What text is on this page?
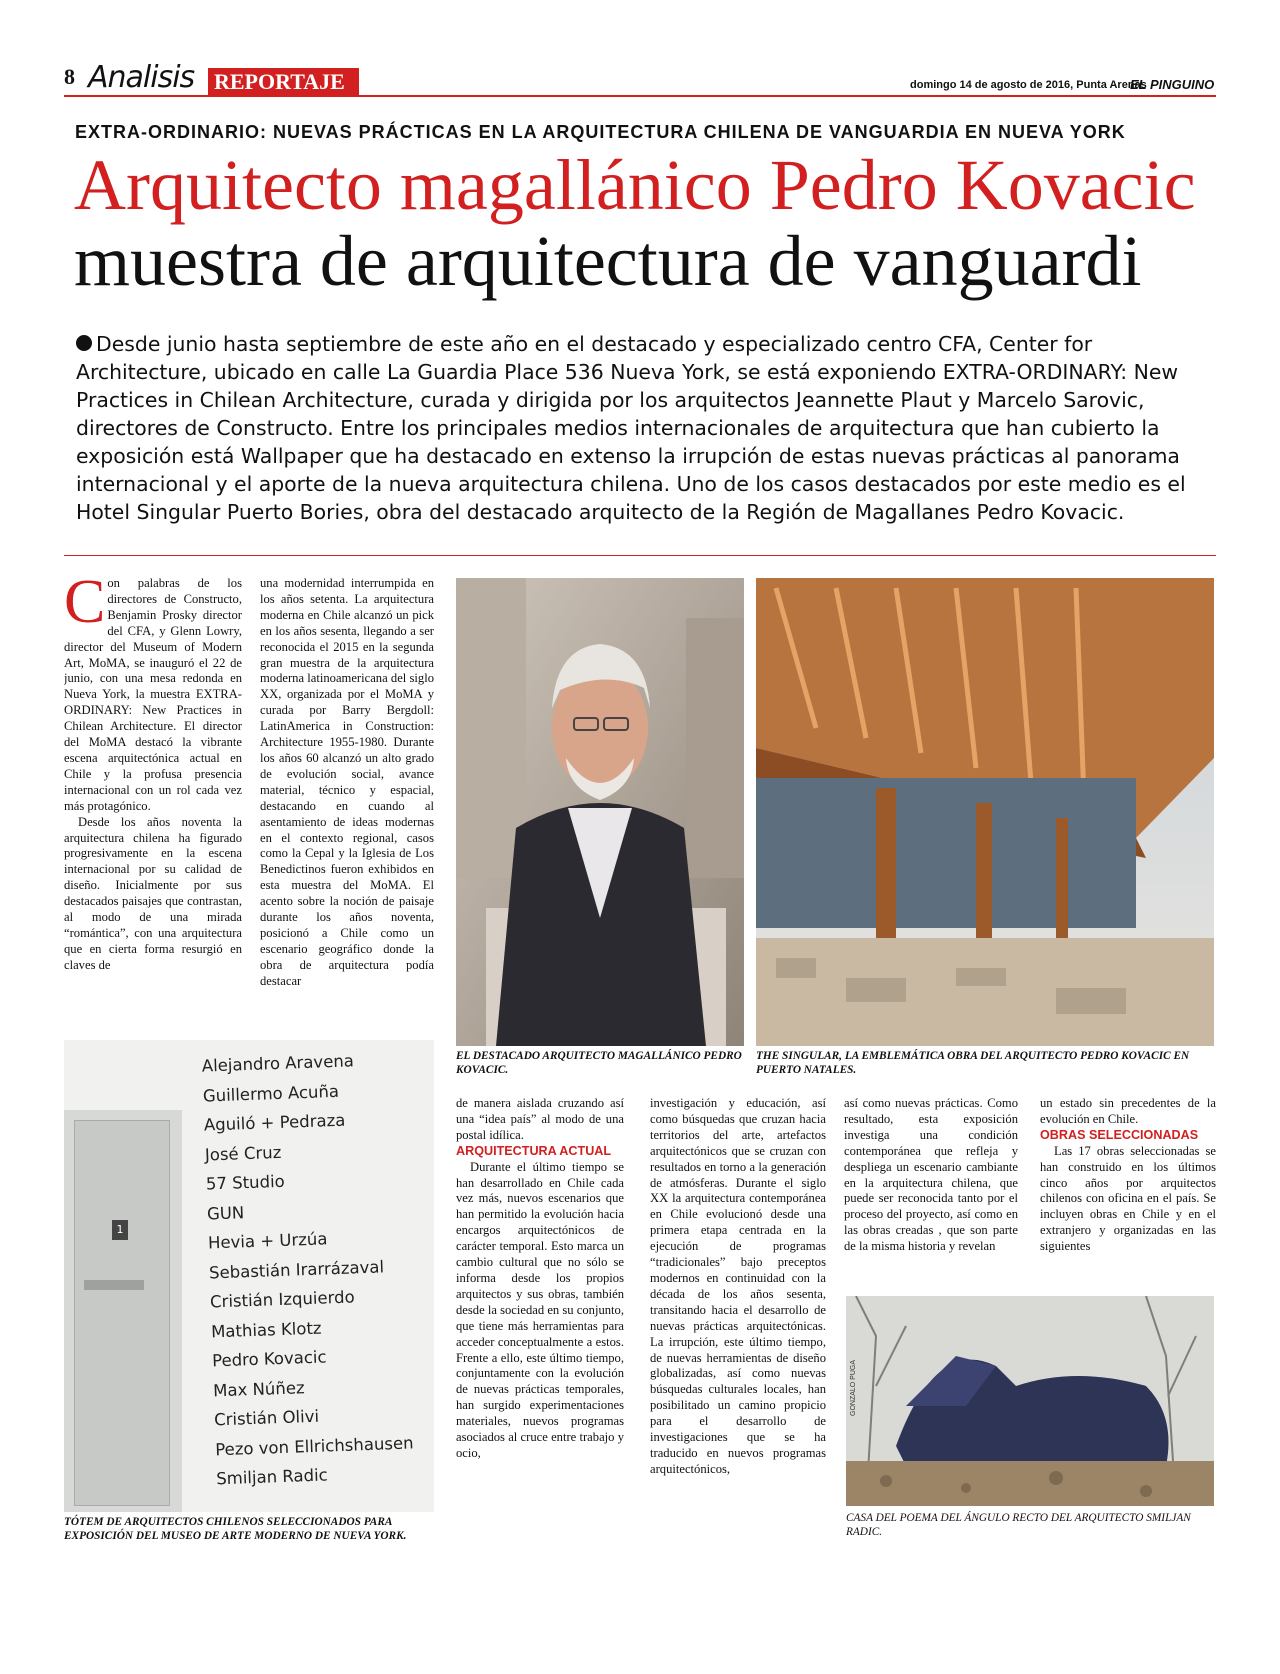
8 Analisis REPORTAJE	domingo 14 de agosto de 2016, Punta Arenas
EL PINGUINO
EXTRA-ORDINARIO: NUEVAS PRÁCTICAS EN LA ARQUITECTURA CHILENA DE VANGUARDIA EN NUEVA YORK
Arquitecto magallánico Pedro Kovacic
muestra de arquitectura de vanguardi
Desde junio hasta septiembre de este año en el destacado y especializado centro CFA, Center for Architecture, ubicado en calle La Guardia Place 536 Nueva York, se está exponiendo EXTRA-ORDINARY: New Practices in Chilean Architecture, curada y dirigida por los arquitectos Jeannette Plaut y Marcelo Sarovic, directores de Constructo. Entre los principales medios internacionales de arquitectura que han cubierto la exposición está Wallpaper que ha destacado en extenso la irrupción de estas nuevas prácticas al panorama internacional y el aporte de la nueva arquitectura chilena. Uno de los casos destacados por este medio es el Hotel Singular Puerto Bories, obra del destacado arquitecto de la Región de Magallanes Pedro Kovacic.

Con palabras de los directores de Constructo, Benjamin Prosky director del CFA, y Glenn Lowry, director del Museum of Modern Art, MoMA, se inauguró el 22 de junio, con una mesa redonda en Nueva York, la muestra EXTRA-ORDINARY: New Practices in Chilean Architecture. El director del MoMA destacó la vibrante escena arquitectónica actual en Chile y la profusa presencia internacional con un rol cada vez más protagónico.

Desde los años noventa la arquitectura chilena ha figurado progresivamente en la escena internacional por su calidad de diseño. Inicialmente por sus destacados paisajes que contrastan, al modo de una mirada “romántica”, con una arquitectura que en cierta forma resurgió en claves de

una modernidad interrumpida en los años setenta. La arquitectura moderna en Chile alcanzó un pick en los años sesenta, llegando a ser reconocida el 2015 en la segunda gran muestra de la arquitectura moderna latinoamericana del siglo XX, organizada por el MoMA y curada por Barry Bergdoll: LatinAmerica in Construction: Architecture 1955-1980. Durante los años 60 alcanzó un alto grado de evolución social, avance material, técnico y espacial, destacando en cuando al asentamiento de ideas modernas en el contexto regional, casos como la Cepal y la Iglesia de Los Benedictinos fueron exhibidos en esta muestra del MoMA. El acento sobre la noción de paisaje durante los años noventa, posicionó a Chile como un escenario geográfico donde la obra de arquitectura podía destacar

EL DESTACADO ARQUITECTO MAGALLÁNICO PEDRO KOVACIC.
THE SINGULAR, LA EMBLEMÁTICA OBRA DEL ARQUITECTO PEDRO KOVACIC EN PUERTO NATALES.
1
Alejandro Aravena
Guillermo Acuña
Aguiló + Pedraza
José Cruz
57 Studio
GUN
Hevia + Urzúa
Sebastián Irarrázaval
Cristián Izquierdo
Mathias Klotz
Pedro Kovacic
Max Núñez
Cristián Olivi
Pezo von Ellrichshausen
Smiljan Radic
TÓTEM DE ARQUITECTOS CHILENOS SELECCIONADOS PARA EXPOSICIÓN DEL MUSEO DE ARTE MODERNO DE NUEVA YORK.

de manera aislada cruzando así una “idea país” al modo de una postal idílica.

ARQUITECTURA ACTUAL

Durante el último tiempo se han desarrollado en Chile cada vez más, nuevos escenarios que han permitido la evolución hacia encargos arquitectónicos de carácter temporal. Esto marca un cambio cultural que no sólo se informa desde los propios arquitectos y sus obras, también desde la sociedad en su conjunto, que tiene más herramientas para acceder conceptualmente a estos. Frente a ello, este último tiempo, conjuntamente con la evolución de nuevas prácticas temporales, han surgido experimentaciones materiales, nuevos programas asociados al cruce entre trabajo y ocio,

investigación y educación, así como búsquedas que cruzan hacia territorios del arte, artefactos arquitectónicos que se cruzan con resultados en torno a la generación de atmósferas. Durante el siglo XX la arquitectura contemporánea en Chile evolucionó desde una primera etapa centrada en la ejecución de programas “tradicionales” bajo preceptos modernos en continuidad con la década de los años sesenta, transitando hacia el desarrollo de nuevas prácticas arquitectónicas. La irrupción, este último tiempo, de nuevas herramientas de diseño globalizadas, así como nuevas búsquedas culturales locales, han posibilitado un camino propicio para el desarrollo de investigaciones que se ha traducido en nuevos programas arquitectónicos,

así como nuevas prácticas. Como resultado, esta exposición investiga una condición contemporánea que refleja y despliega un escenario cambiante en la arquitectura chilena, que puede ser reconocida tanto por el proceso del proyecto, así como en las obras creadas , que son parte de la misma historia y revelan

un estado sin precedentes de la evolución en Chile.

OBRAS SELECCIONADAS

Las 17 obras seleccionadas se han construido en los últimos cinco años por arquitectos chilenos con oficina en el país. Se incluyen obras en Chile y en el extranjero y organizadas en las siguientes

GONZALO PUGA
CASA DEL POEMA DEL ÁNGULO RECTO DEL ARQUITECTO SMILJAN RADIC.
